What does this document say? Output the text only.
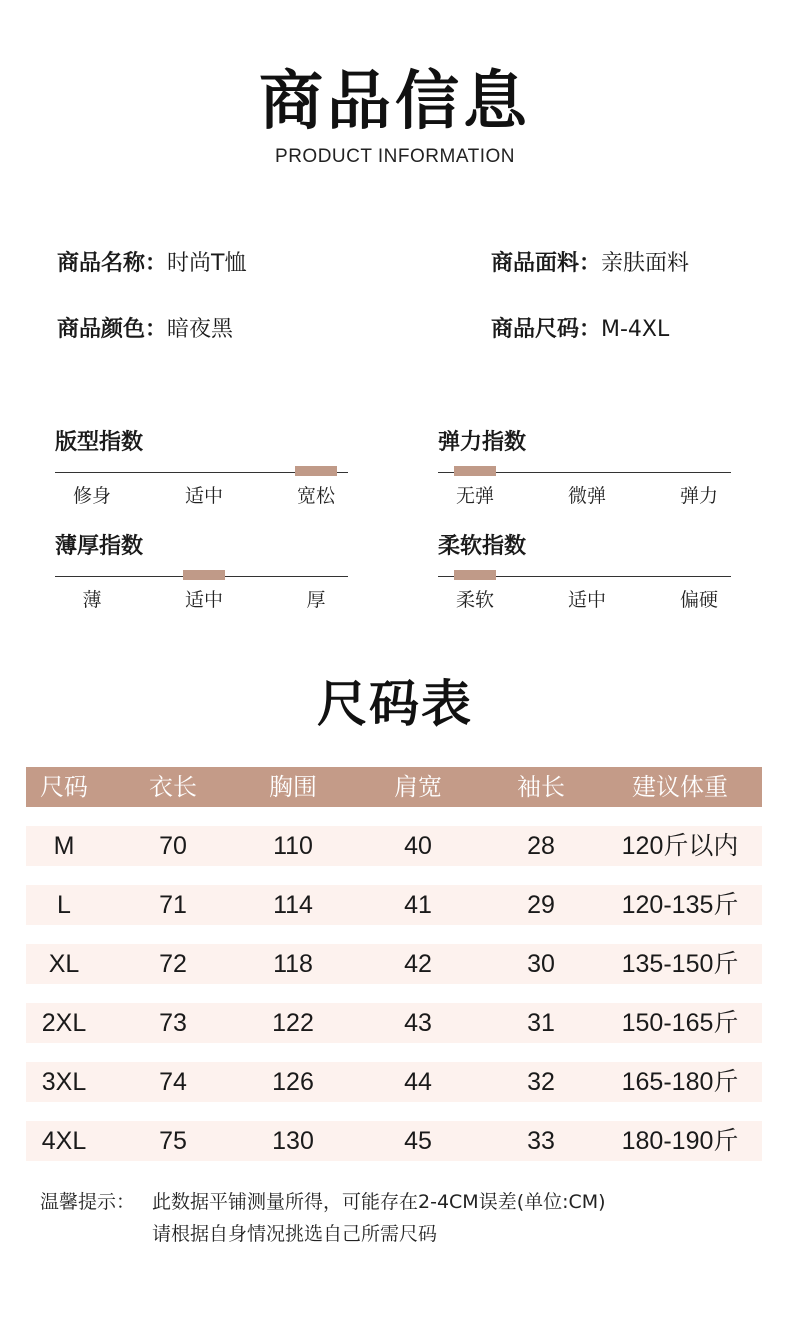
商品信息
PRODUCT INFORMATION
商品名称：时尚T恤	商品面料：亲肤面料
商品颜色：暗夜黑	商品尺码：M-4XL
版型指数
修身	适中	宽松
弹力指数
无弹	微弹	弹力
薄厚指数
薄	适中	厚
柔软指数
柔软	适中	偏硬
尺码表
尺码	衣长	胸围	肩宽	袖长	建议体重
M	70	110	40	28	120斤以内
L	71	114	41	29	120-135斤
XL	72	118	42	30	135-150斤
2XL	73	122	43	31	150-165斤
3XL	74	126	44	32	165-180斤
4XL	75	130	45	33	180-190斤
温馨提示： 此数据平铺测量所得，可能存在2-4CM误差(单位:CM)
请根据自身情况挑选自己所需尺码
